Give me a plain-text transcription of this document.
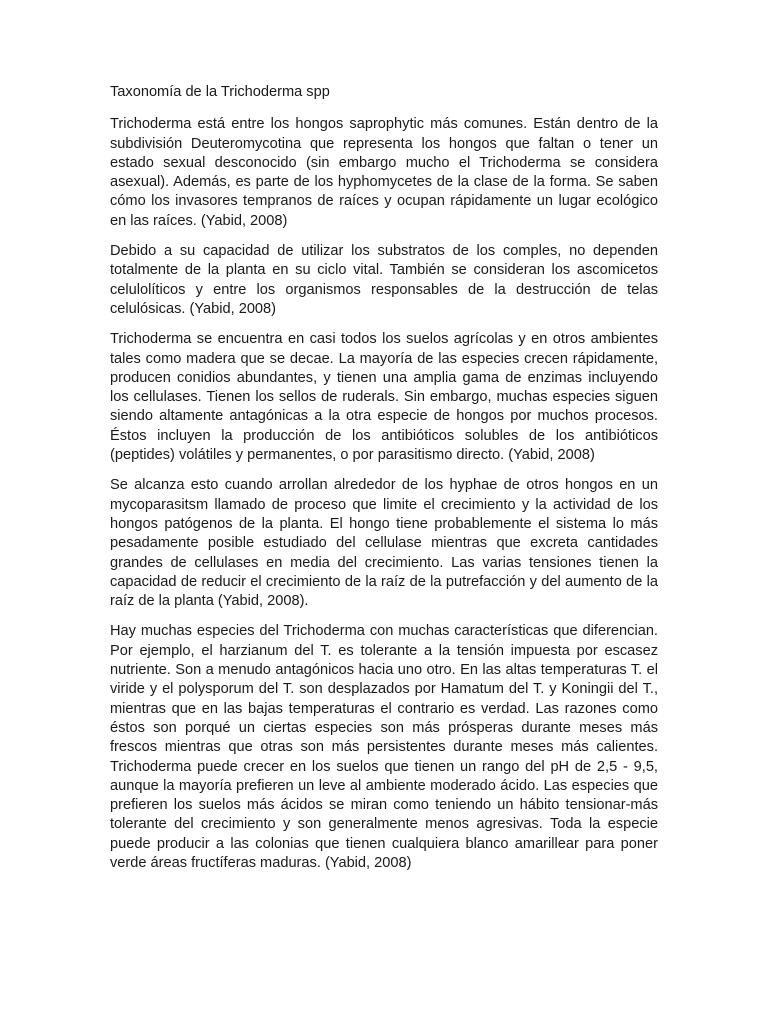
Taxonomía de la Trichoderma spp

Trichoderma está entre los hongos saprophytic más comunes. Están dentro de la subdivisión Deuteromycotina que representa los hongos que faltan o tener un estado sexual desconocido (sin embargo mucho el Trichoderma se considera asexual). Además, es parte de los hyphomycetes de la clase de la forma. Se saben cómo los invasores tempranos de raíces y ocupan rápidamente un lugar ecológico en las raíces. (Yabid, 2008)

Debido a su capacidad de utilizar los substratos de los comples, no dependen totalmente de la planta en su ciclo vital. También se consideran los ascomicetos celulolíticos y entre los organismos responsables de la destrucción de telas celulósicas. (Yabid, 2008)

Trichoderma se encuentra en casi todos los suelos agrícolas y en otros ambientes tales como madera que se decae. La mayoría de las especies crecen rápidamente, producen conidios abundantes, y tienen una amplia gama de enzimas incluyendo los cellulases. Tienen los sellos de ruderals. Sin embargo, muchas especies siguen siendo altamente antagónicas a la otra especie de hongos por muchos procesos. Éstos incluyen la producción de los antibióticos solubles de los antibióticos (peptides) volátiles y permanentes, o por parasitismo directo. (Yabid, 2008)

Se alcanza esto cuando arrollan alrededor de los hyphae de otros hongos en un mycoparasitsm llamado de proceso que limite el crecimiento y la actividad de los hongos patógenos de la planta. El hongo tiene probablemente el sistema lo más pesadamente posible estudiado del cellulase mientras que excreta cantidades grandes de cellulases en media del crecimiento. Las varias tensiones tienen la capacidad de reducir el crecimiento de la raíz de la putrefacción y del aumento de la raíz de la planta (Yabid, 2008).

Hay muchas especies del Trichoderma con muchas características que diferencian. Por ejemplo, el harzianum del T. es tolerante a la tensión impuesta por escasez nutriente. Son a menudo antagónicos hacia uno otro. En las altas temperaturas T. el viride y el polysporum del T. son desplazados por Hamatum del T. y Koningii del T., mientras que en las bajas temperaturas el contrario es verdad. Las razones como éstos son porqué un ciertas especies son más prósperas durante meses más frescos mientras que otras son más persistentes durante meses más calientes. Trichoderma puede crecer en los suelos que tienen un rango del pH de 2,5 - 9,5, aunque la mayoría prefieren un leve al ambiente moderado ácido. Las especies que prefieren los suelos más ácidos se miran como teniendo un hábito tensionar-más tolerante del crecimiento y son generalmente menos agresivas. Toda la especie puede producir a las colonias que tienen cualquiera blanco amarillear para poner verde áreas fructíferas maduras. (Yabid, 2008)
